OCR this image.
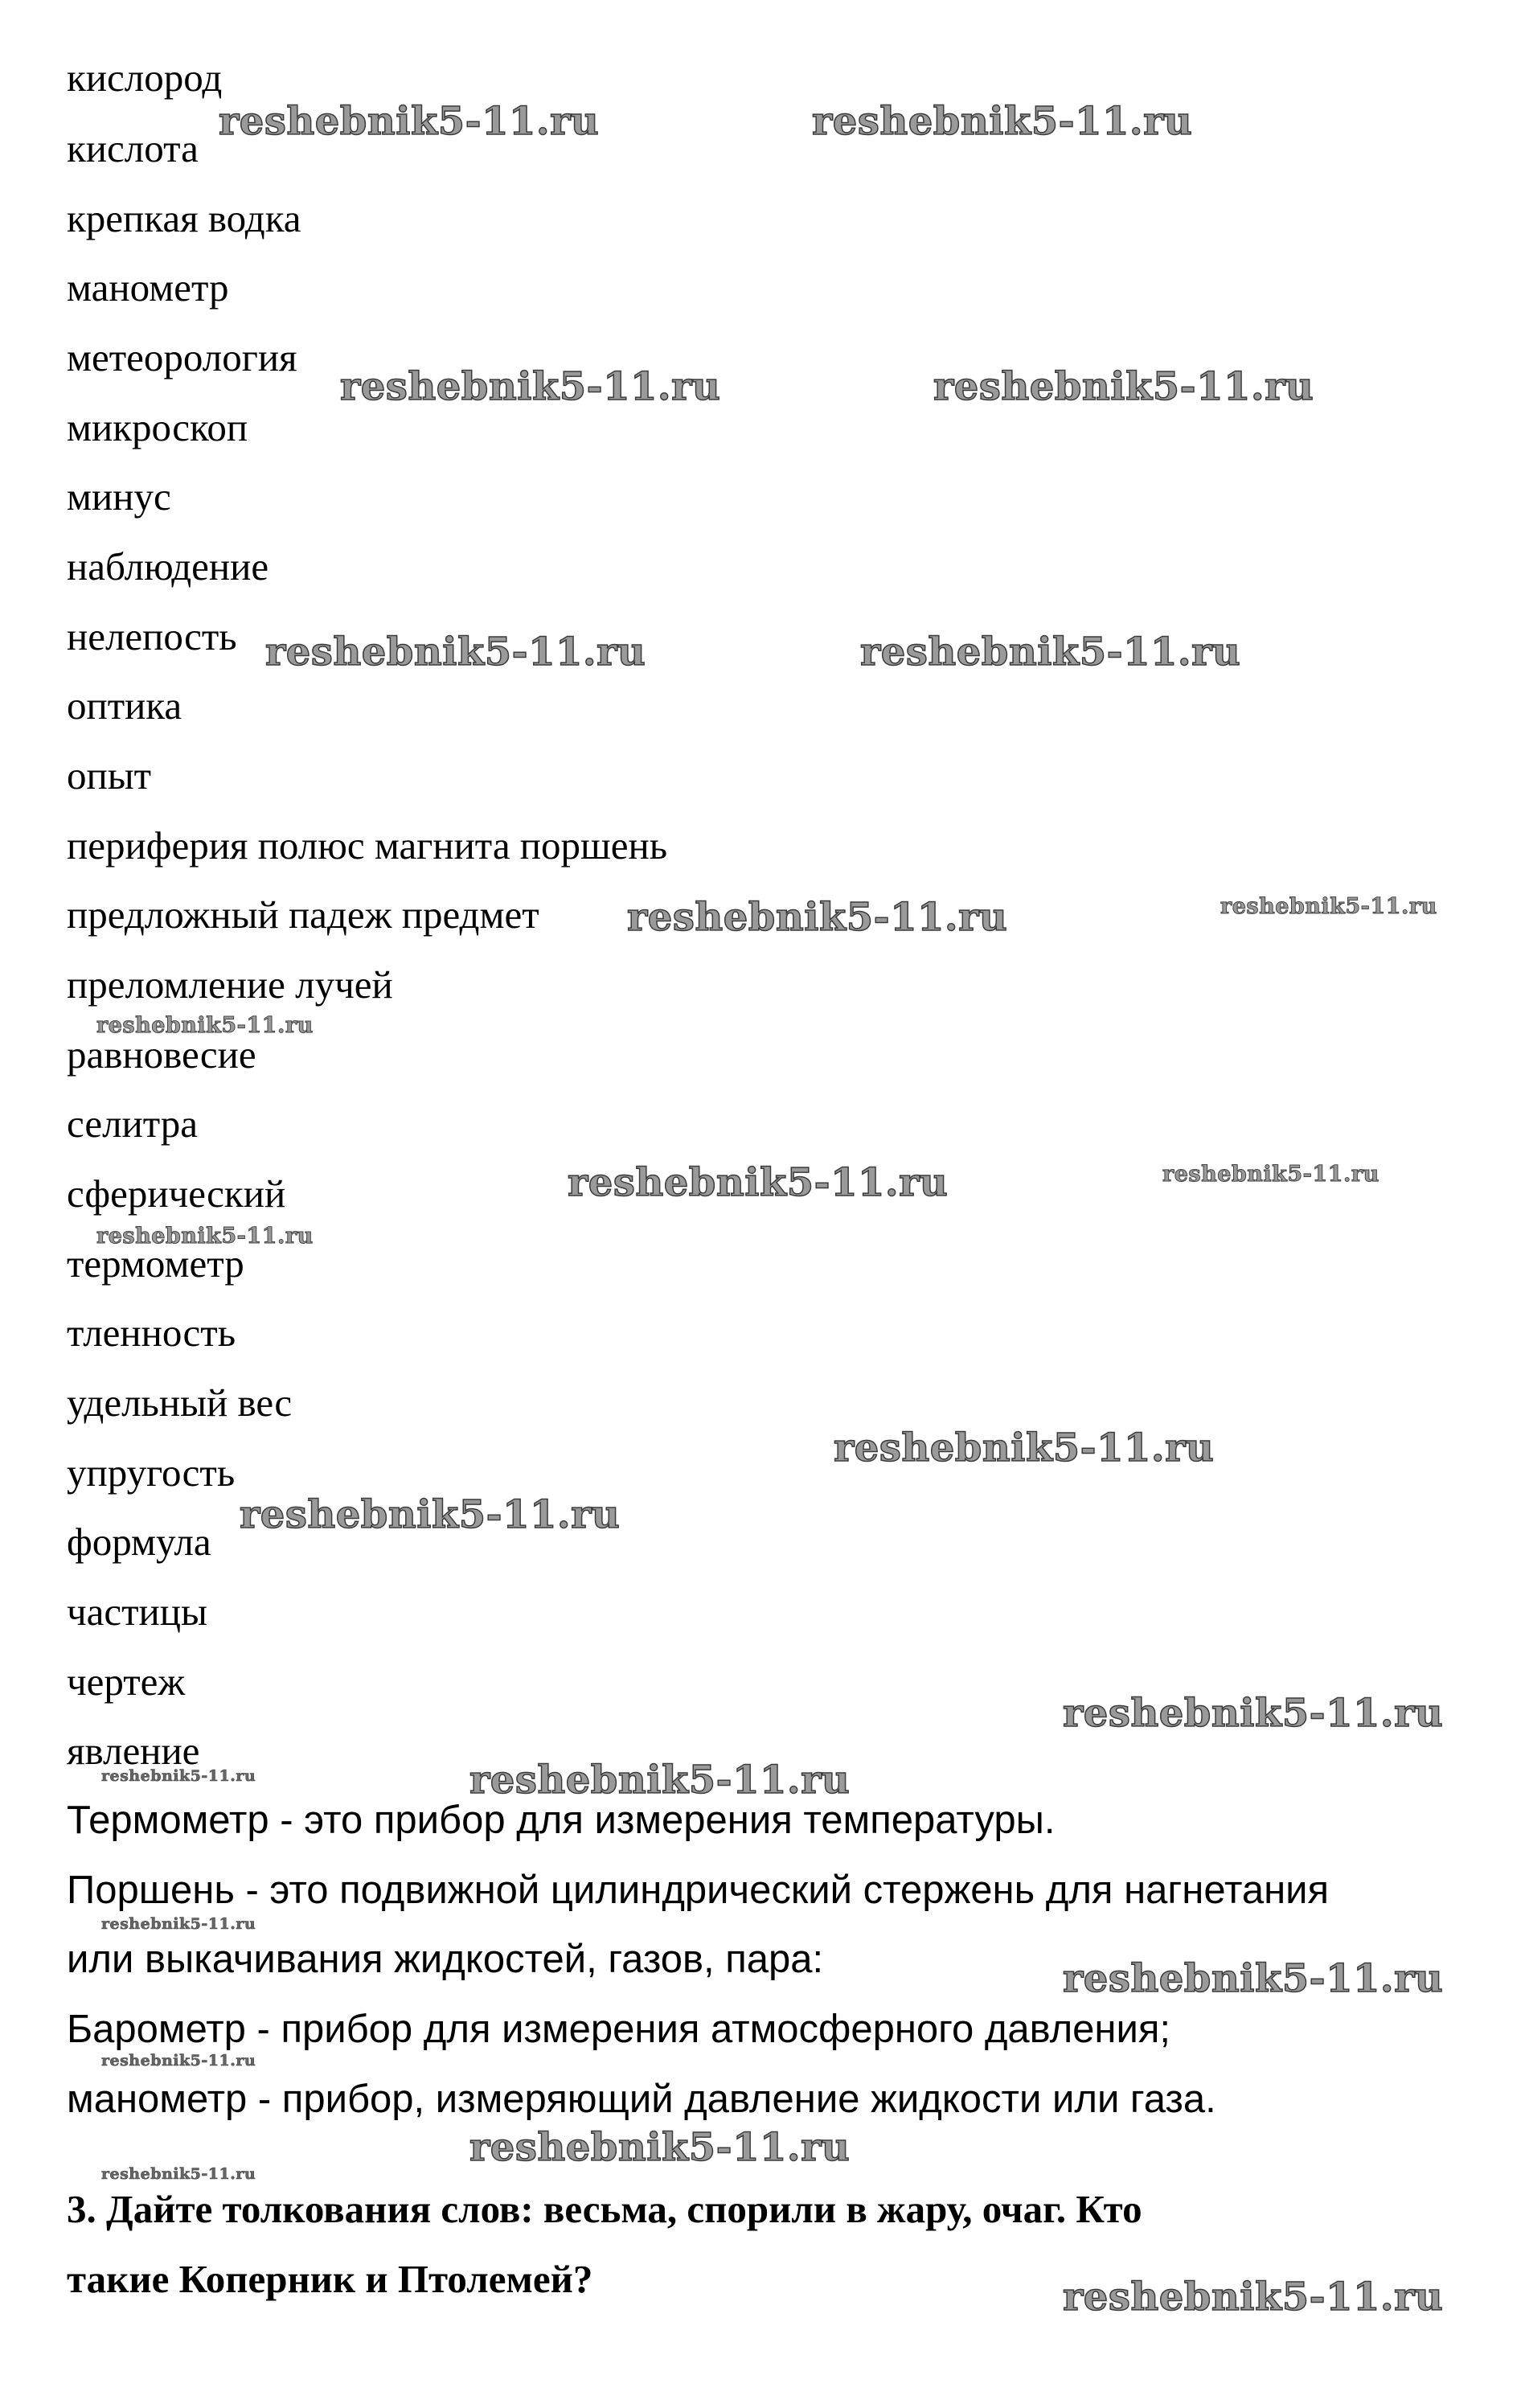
кислород
кислота
крепкая водка
манометр
метеорология
микроскоп
минус
наблюдение
нелепость
оптика
опыт
периферия полюс магнита поршень
предложный падеж предмет
преломление лучей
равновесие
селитра
сферический
термометр
тленность
удельный вес
упругость
формула
частицы
чертеж
явление
Термометр - это прибор для измерения температуры.
Поршень - это подвижной цилиндрический стержень для нагнетания
или выкачивания жидкостей, газов, пара:
Барометр - прибор для измерения атмосферного давления;
манометр - прибор, измеряющий давление жидкости или газа.
3. Дайте толкования слов: весьма, спорили в жару, очаг. Кто
такие Коперник и Птолемей?
reshebnik5-11.ru	reshebnik5-11.ru
reshebnik5-11.ru	reshebnik5-11.ru
reshebnik5-11.ru	reshebnik5-11.ru
reshebnik5-11.ru	reshebnik5-11.ru
reshebnik5-11.ru
reshebnik5-11.ru	reshebnik5-11.ru
reshebnik5-11.ru
reshebnik5-11.ru
reshebnik5-11.ru
reshebnik5-11.ru
reshebnik5-11.ru
reshebnik5-11.ru
reshebnik5-11.ru
reshebnik5-11.ru
reshebnik5-11.ru
reshebnik5-11.ru
reshebnik5-11.ru
reshebnik5-11.ru
